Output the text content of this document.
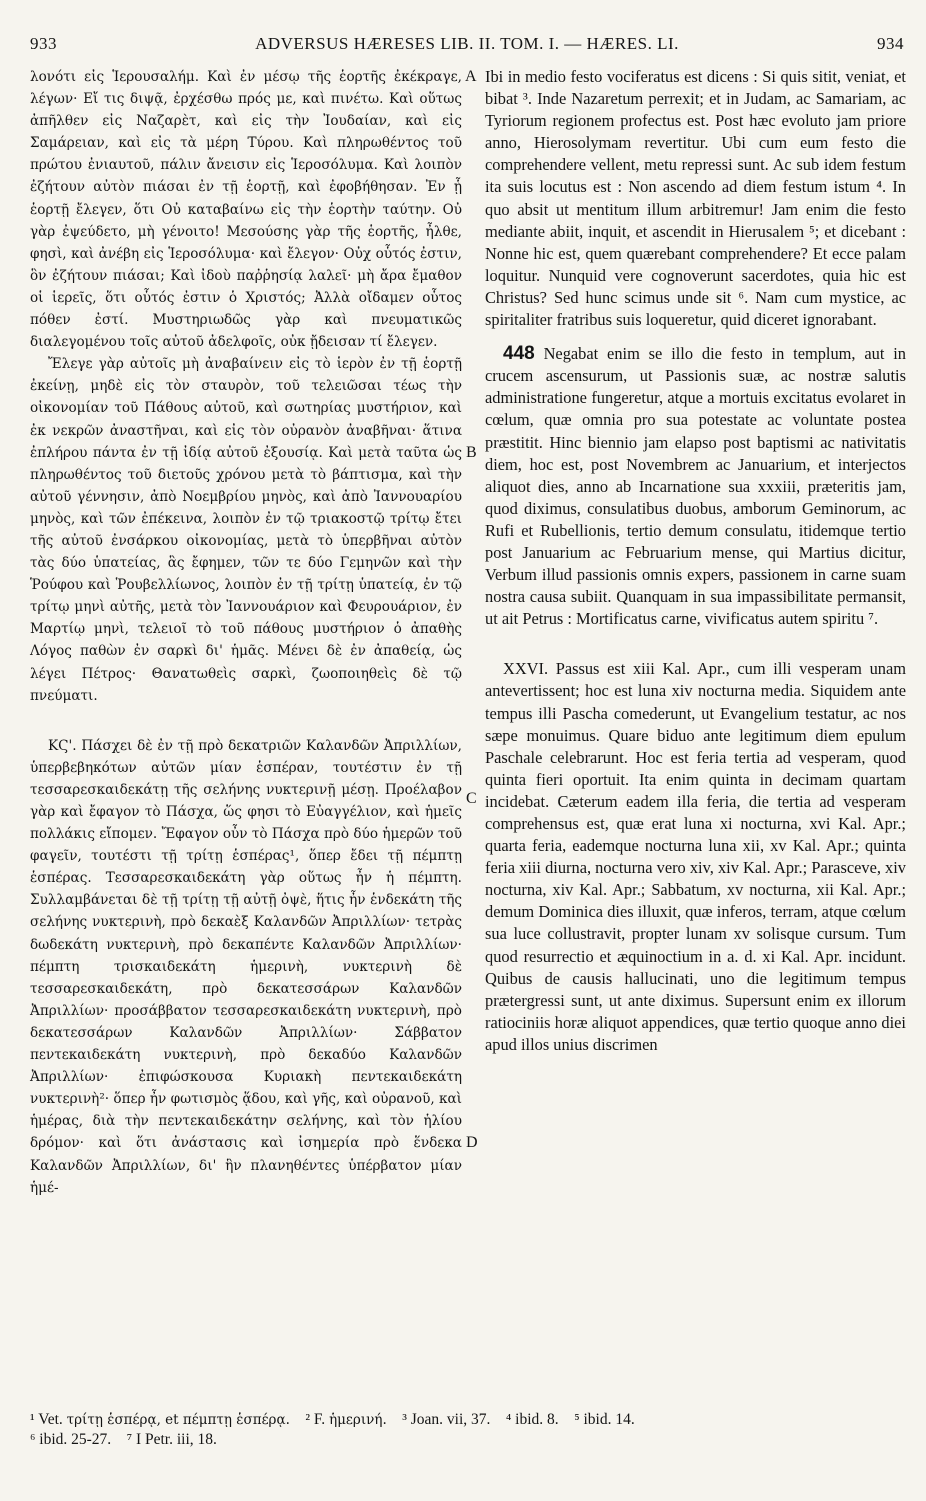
933	ADVERSUS HÆRESES LIB. II. TOM. I. — HÆRES. LI.	934
A
B
C
D

λονότι εἰς Ἱερουσαλήμ. Καὶ ἐν μέσῳ τῆς ἑορτῆς ἐκέκραγε, λέγων· Εἴ τις διψᾷ, ἐρχέσθω πρός με, καὶ πινέτω. Καὶ οὕτως ἀπῆλθεν εἰς Ναζαρὲτ, καὶ εἰς τὴν Ἰουδαίαν, καὶ εἰς Σαμάρειαν, καὶ εἰς τὰ μέρη Τύρου. Καὶ πληρωθέντος τοῦ πρώτου ἐνιαυτοῦ, πάλιν ἄνεισιν εἰς Ἱεροσόλυμα. Καὶ λοιπὸν ἐζήτουν αὐτὸν πιάσαι ἐν τῇ ἑορτῇ, καὶ ἐφοβήθησαν. Ἐν ᾗ ἑορτῇ ἔλεγεν, ὅτι Οὐ καταβαίνω εἰς τὴν ἑορτὴν ταύτην. Οὐ γὰρ ἐψεύδετο, μὴ γένοιτο! Μεσούσης γὰρ τῆς ἑορτῆς, ἦλθε, φησὶ, καὶ ἀνέβη εἰς Ἱεροσόλυμα· καὶ ἔλεγον· Οὐχ οὗτός ἐστιν, ὃν ἐζήτουν πιάσαι; Καὶ ἰδοὺ παῤῥησίᾳ λαλεῖ· μὴ ἄρα ἔμαθον οἱ ἱερεῖς, ὅτι οὗτός ἐστιν ὁ Χριστός; Ἀλλὰ οἴδαμεν οὗτος πόθεν ἐστί. Μυστηριωδῶς γὰρ καὶ πνευματικῶς διαλεγομένου τοῖς αὐτοῦ ἀδελφοῖς, οὐκ ᾔδεισαν τί ἔλεγεν.

Ἔλεγε γὰρ αὐτοῖς μὴ ἀναβαίνειν εἰς τὸ ἱερὸν ἐν τῇ ἑορτῇ ἐκείνῃ, μηδὲ εἰς τὸν σταυρὸν, τοῦ τελειῶσαι τέως τὴν οἰκονομίαν τοῦ Πάθους αὐτοῦ, καὶ σωτηρίας μυστήριον, καὶ ἐκ νεκρῶν ἀναστῆναι, καὶ εἰς τὸν οὐρανὸν ἀναβῆναι· ἅτινα ἐπλήρου πάντα ἐν τῇ ἰδίᾳ αὐτοῦ ἐξουσίᾳ. Καὶ μετὰ ταῦτα ὡς πληρωθέντος τοῦ διετοῦς χρόνου μετὰ τὸ βάπτισμα, καὶ τὴν αὐτοῦ γέννησιν, ἀπὸ Νοεμβρίου μηνὸς, καὶ ἀπὸ Ἰαννουαρίου μηνὸς, καὶ τῶν ἐπέκεινα, λοιπὸν ἐν τῷ τριακοστῷ τρίτῳ ἔτει τῆς αὐτοῦ ἐνσάρκου οἰκονομίας, μετὰ τὸ ὑπερβῆναι αὐτὸν τὰς δύο ὑπατείας, ἃς ἔφημεν, τῶν τε δύο Γεμηνῶν καὶ τὴν Ῥούφου καὶ Ῥουβελλίωνος, λοιπὸν ἐν τῇ τρίτῃ ὑπατείᾳ, ἐν τῷ τρίτῳ μηνὶ αὐτῆς, μετὰ τὸν Ἰαννουάριον καὶ Φευρουάριον, ἐν Μαρτίῳ μηνὶ, τελειοῖ τὸ τοῦ πάθους μυστήριον ὁ ἀπαθὴς Λόγος παθὼν ἐν σαρκὶ δι' ἡμᾶς. Μένει δὲ ἐν ἀπαθείᾳ, ὡς λέγει Πέτρος· Θανατωθεὶς σαρκὶ, ζωοποιηθεὶς δὲ τῷ πνεύματι.

ΚϚ'. Πάσχει δὲ ἐν τῇ πρὸ δεκατριῶν Καλανδῶν Ἀπριλλίων, ὑπερβεβηκότων αὐτῶν μίαν ἑσπέραν, τουτέστιν ἐν τῇ τεσσαρεσκαιδεκάτῃ τῆς σελήνης νυκτερινῇ μέσῃ. Προέλαβον γὰρ καὶ ἔφαγον τὸ Πάσχα, ὥς φησι τὸ Εὐαγγέλιον, καὶ ἡμεῖς πολλάκις εἴπομεν. Ἔφαγον οὖν τὸ Πάσχα πρὸ δύο ἡμερῶν τοῦ φαγεῖν, τουτέστι τῇ τρίτῃ ἑσπέρας¹, ὅπερ ἔδει τῇ πέμπτῃ ἑσπέρας. Τεσσαρεσκαιδεκάτη γὰρ οὕτως ἦν ἡ πέμπτη. Συλλαμβάνεται δὲ τῇ τρίτῃ τῇ αὐτῇ ὀψὲ, ἥτις ἦν ἑνδεκάτη τῆς σελήνης νυκτερινὴ, πρὸ δεκαὲξ Καλανδῶν Ἀπριλλίων· τετρὰς δωδεκάτη νυκτερινὴ, πρὸ δεκαπέντε Καλανδῶν Ἀπριλλίων· πέμπτη τρισκαιδεκάτη ἡμερινὴ, νυκτερινὴ δὲ τεσσαρεσκαιδεκάτη, πρὸ δεκατεσσάρων Καλανδῶν Ἀπριλλίων· προσάββατον τεσσαρεσκαιδεκάτη νυκτερινὴ, πρὸ δεκατεσσάρων Καλανδῶν Ἀπριλλίων· Σάββατον πεντεκαιδεκάτη νυκτερινὴ, πρὸ δεκαδύο Καλανδῶν Ἀπριλλίων· ἐπιφώσκουσα Κυριακὴ πεντεκαιδεκάτη νυκτερινὴ²· ὅπερ ἦν φωτισμὸς ᾅδου, καὶ γῆς, καὶ οὐρανοῦ, καὶ ἡμέρας, διὰ τὴν πεντεκαιδεκάτην σελήνης, καὶ τὸν ἡλίου δρόμον· καὶ ὅτι ἀνάστασις καὶ ἰσημερία πρὸ ἕνδεκα Καλανδῶν Ἀπριλλίων, δι' ἣν πλανηθέντες ὑπέρβατον μίαν ἡμέ-

Ibi in medio festo vociferatus est dicens : Si quis sitit, veniat, et bibat ³. Inde Nazaretum perrexit; et in Judam, ac Samariam, ac Tyriorum regionem profectus est. Post hæc evoluto jam priore anno, Hierosolymam revertitur. Ubi cum eum festo die comprehendere vellent, metu repressi sunt. Ac sub idem festum ita suis locutus est : Non ascendo ad diem festum istum ⁴. In quo absit ut mentitum illum arbitremur! Jam enim die festo mediante abiit, inquit, et ascendit in Hierusalem ⁵; et dicebant : Nonne hic est, quem quærebant comprehendere? Et ecce palam loquitur. Nunquid vere cognoverunt sacerdotes, quia hic est Christus? Sed hunc scimus unde sit ⁶. Nam cum mystice, ac spiritaliter fratribus suis loqueretur, quid diceret ignorabant.

448 Negabat enim se illo die festo in templum, aut in crucem ascensurum, ut Passionis suæ, ac nostræ salutis administratione fungeretur, atque a mortuis excitatus evolaret in cœlum, quæ omnia pro sua potestate ac voluntate postea præstitit. Hinc biennio jam elapso post baptismi ac nativitatis diem, hoc est, post Novembrem ac Januarium, et interjectos aliquot dies, anno ab Incarnatione sua xxxiii, præteritis jam, quod diximus, consulatibus duobus, amborum Geminorum, ac Rufi et Rubellionis, tertio demum consulatu, itidemque tertio post Januarium ac Februarium mense, qui Martius dicitur, Verbum illud passionis omnis expers, passionem in carne suam nostra causa subiit. Quanquam in sua impassibilitate permansit, ut ait Petrus : Mortificatus carne, vivificatus autem spiritu ⁷.

XXVI. Passus est xiii Kal. Apr., cum illi vesperam unam antevertissent; hoc est luna xiv nocturna media. Siquidem ante tempus illi Pascha comederunt, ut Evangelium testatur, ac nos sæpe monuimus. Quare biduo ante legitimum diem epulum Paschale celebrarunt. Hoc est feria tertia ad vesperam, quod quinta fieri oportuit. Ita enim quinta in decimam quartam incidebat. Cæterum eadem illa feria, die tertia ad vesperam comprehensus est, quæ erat luna xi nocturna, xvi Kal. Apr.; quarta feria, eademque nocturna luna xii, xv Kal. Apr.; quinta feria xiii diurna, nocturna vero xiv, xiv Kal. Apr.; Parasceve, xiv nocturna, xiv Kal. Apr.; Sabbatum, xv nocturna, xii Kal. Apr.; demum Dominica dies illuxit, quæ inferos, terram, atque cœlum sua luce collustravit, propter lunam xv solisque cursum. Tum quod resurrectio et æquinoctium in a. d. xi Kal. Apr. incidunt. Quibus de causis hallucinati, uno die legitimum tempus prætergressi sunt, ut ante diximus. Supersunt enim ex illorum ratiociniis horæ aliquot appendices, quæ tertio quoque anno diei apud illos unius discrimen

¹ Vet. τρίτῃ ἑσπέρᾳ, et πέμπτῃ ἑσπέρᾳ. ² F. ἡμερινή. ³ Joan. vii, 37. ⁴ ibid. 8. ⁵ ibid. 14.

⁶ ibid. 25-27. ⁷ I Petr. iii, 18.
